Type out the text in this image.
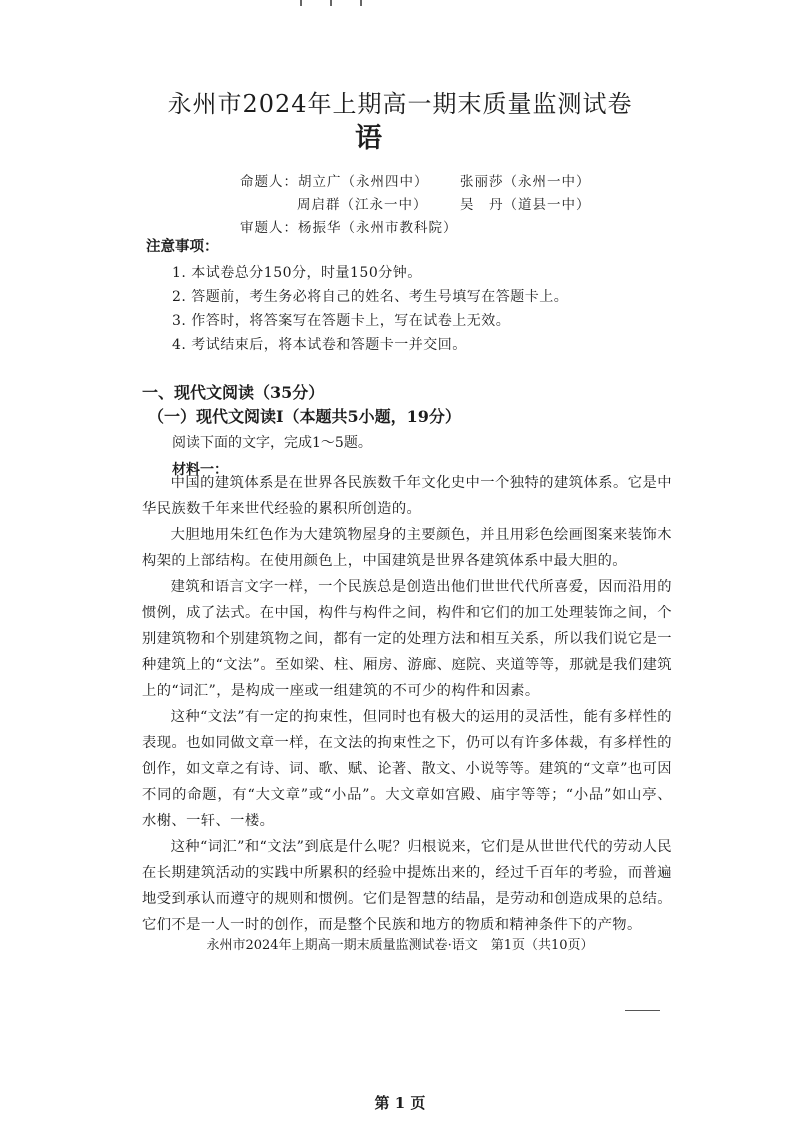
永州市2024年上期高一期末质量监测试卷
语
命题人：胡立广（永州四中） 张丽莎（永州一中）
周启群（江永一中） 吴　丹（道县一中）
审题人：杨振华（永州市教科院）
注意事项：
1. 本试卷总分150分，时量150分钟。
2. 答题前，考生务必将自己的姓名、考生号填写在答题卡上。
3. 作答时，将答案写在答题卡上，写在试卷上无效。
4. 考试结束后，将本试卷和答题卡一并交回。
一、现代文阅读（35分）
（一）现代文阅读Ⅰ（本题共5小题，19分）
阅读下面的文字，完成1～5题。
材料一：

中国的建筑体系是在世界各民族数千年文化史中一个独特的建筑体系。它是中华民族数千年来世代经验的累积所创造的。

大胆地用朱红色作为大建筑物屋身的主要颜色，并且用彩色绘画图案来装饰木构架的上部结构。在使用颜色上，中国建筑是世界各建筑体系中最大胆的。

建筑和语言文字一样，一个民族总是创造出他们世世代代所喜爱，因而沿用的惯例，成了法式。在中国，构件与构件之间，构件和它们的加工处理装饰之间，个别建筑物和个别建筑物之间，都有一定的处理方法和相互关系，所以我们说它是一种建筑上的“文法”。至如梁、柱、厢房、游廊、庭院、夹道等等，那就是我们建筑上的“词汇”，是构成一座或一组建筑的不可少的构件和因素。

这种“文法”有一定的拘束性，但同时也有极大的运用的灵活性，能有多样性的表现。也如同做文章一样，在文法的拘束性之下，仍可以有许多体裁，有多样性的创作，如文章之有诗、词、歌、赋、论著、散文、小说等等。建筑的“文章”也可因不同的命题，有“大文章”或“小品”。大文章如宫殿、庙宇等等；“小品”如山亭、水榭、一轩、一楼。

这种“词汇”和“文法”到底是什么呢？归根说来，它们是从世世代代的劳动人民在长期建筑活动的实践中所累积的经验中提炼出来的，经过千百年的考验，而普遍地受到承认而遵守的规则和惯例。它们是智慧的结晶，是劳动和创造成果的总结。它们不是一人一时的创作，而是整个民族和地方的物质和精神条件下的产物。

永州市2024年上期高一期末质量监测试卷·语文　第1页（共10页）
第 1 页
